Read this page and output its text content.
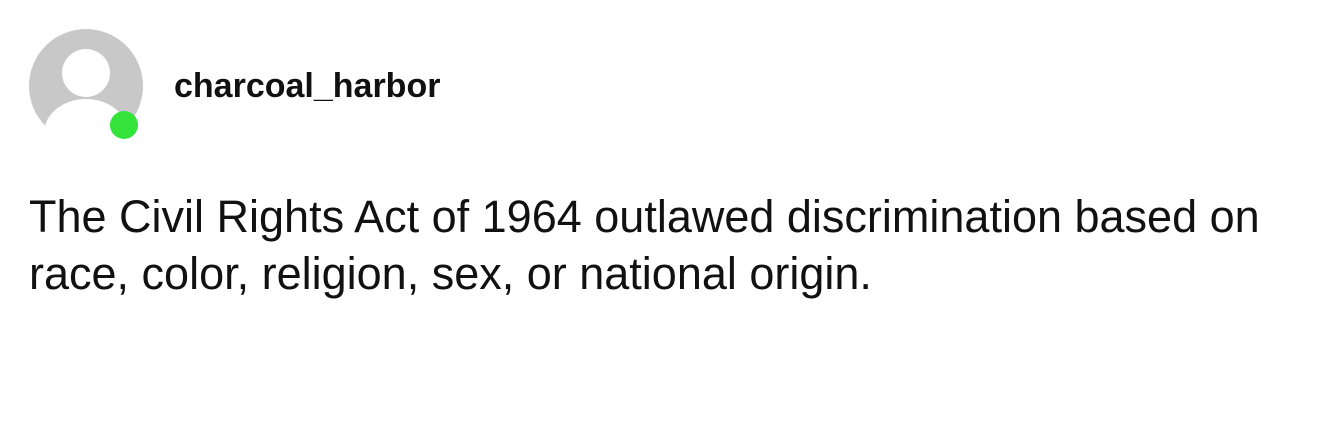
charcoal_harbor

The Civil Rights Act of 1964 outlawed discrimination based on race, color, religion, sex, or national origin.
